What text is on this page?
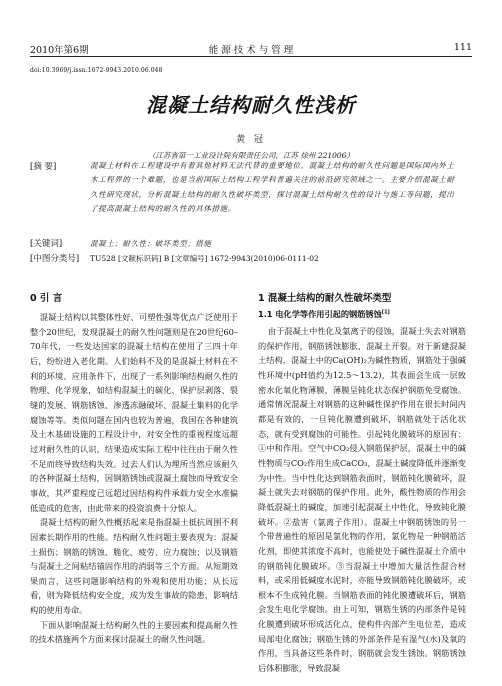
2010年第6期	能 源 技 术 与 管 理	111
doi:10.3969/j.issn.1672-9943.2010.06.048
混凝土结构耐久性浅析
黄 冠
（江苏省第一工业设计院有限责任公司，江苏 徐州 221006）
[摘 要]	混凝土材料在工程建设中有着其他材料无法代替的重要地位。混凝土结构的耐久性问题是国际国内外土木工程界的一个难题，也是当前国际土结构工程学科普遍关注的前沿研究领域之一。主要介绍混凝土耐久性研究现状，分析混凝土结构的耐久性破坏类型，探讨混凝土结构耐久性的设计与施工等问题，提出了提高混凝土结构的耐久性的具体措施。
[关键词]	混凝土；耐久性；破坏类型；措施
[中图分类号] TU528 [文献标识码] B [文章编号] 1672-9943(2010)06-0111-02
0 引 言

混凝土结构以其整体性好、可塑性强等优点广泛使用于整个20世纪，发现混凝土的耐久性问题则是在20世纪60–70年代，一些发达国家的混凝土结构在使用了三四十年后，纷纷进入老化期。人们始料不及的是混凝土材料在不利的环境、应用条件下，出现了一系列影响结构耐久性的物理、化学现象，如结构混凝土的碳化、保护层剥落、裂缝的发展、钢筋锈蚀、渗透冻融破坏、混凝土集料的化学腐蚀等等。类似问题在国内也较为普遍，我国在各种建筑及土木基础设施的工程设计中，对安全性的重视程度远超过对耐久性的认识，结果造成实际工程中往往由于耐久性不足而终导致结构失效。过去人们认为埋所当然应该耐久的各种混凝土结构，因钢筋锈蚀或混凝土腐蚀而导致安全事故，其严重程度已远超过因结构构件承载力安全水准偏低造成的危害，由此带来的投资浪费十分惊人。

混凝土结构的耐久性概括起来是指混凝土抵抗周围不利因素长期作用的性能。结构耐久性问题主要表现为：混凝土损伤；钢筋的锈蚀、脆化、疲劳、应力腐蚀；以及钢筋与混凝土之间粘结锚固作用的消弱等三个方面。从短期效果而言，这些问题影响结构的外观和使用功能；从长远看，则为降低结构安全度，成为发生事故的隐患，影响结构的使用寿命。

下面从影响混凝土结构耐久性的主要因素和提高耐久性的技术措施两个方面来探讨混凝土的耐久性问题。

1 混凝土结构的耐久性破坏类型
1.1 电化学等作用引起的钢筋锈蚀[1]

由于混凝土中性化及氯离子的侵蚀，混凝土失去对钢筋的保护作用，钢筋锈蚀膨胀，混凝土开裂。对于新建混凝土结构，混凝土中的Ca(OH)₂为碱性物质，钢筋处于强碱性环境中(pH值约为12.5～13.2)，其表面会生成一层致密水化氧化物薄膜，薄膜呈钝化状态保护钢筋免受腐蚀。通常情况混凝土对钢筋的这种碱性保护作用在很长时间内都是有效的，一旦钝化膜遭到破坏，钢筋就处于活化状态，就有受到腐蚀的可能性。引起钝化膜破坏的原因有：①中和作用。空气中CO₂侵入钢筋保护层，混凝土中的碱性物质与CO₂作用生成CaCO₃，混凝土碱度降低并逐渐变为中性。当中性化达到钢筋表面时，钢筋钝化膜破坏，混凝土就失去对钢筋的保护作用。此外，酸性物质的作用会降低混凝土的碱度，加速引起混凝土中性化，导致钝化膜破坏。②盐害（氯离子作用）。混凝土中钢筋锈蚀的另一个带普遍性的原因是氯化物的作用，氯化物是一种钢筋活化剂，即使其浓度不高时，也能使处于碱性混凝土介质中的钢筋钝化膜破坏。③当混凝土中增加大量活性混合材料，或采用低碱度水泥时，亦能导致钢筋钝化膜破坏，或根本不生成钝化膜。当钢筋表面的钝化膜遭破坏后，钢筋会发生电化学腐蚀。由上可知，钢筋生锈的内部条件是钝化膜遭到破坏形成活化点，使构件内部产生电位差，造成局部电化腐蚀；钢筋生锈的外部条件是有湿气(水)及氧的作用，当具备这些条件时，钢筋就会发生锈蚀。钢筋锈蚀后体积膨胀，导致混凝
